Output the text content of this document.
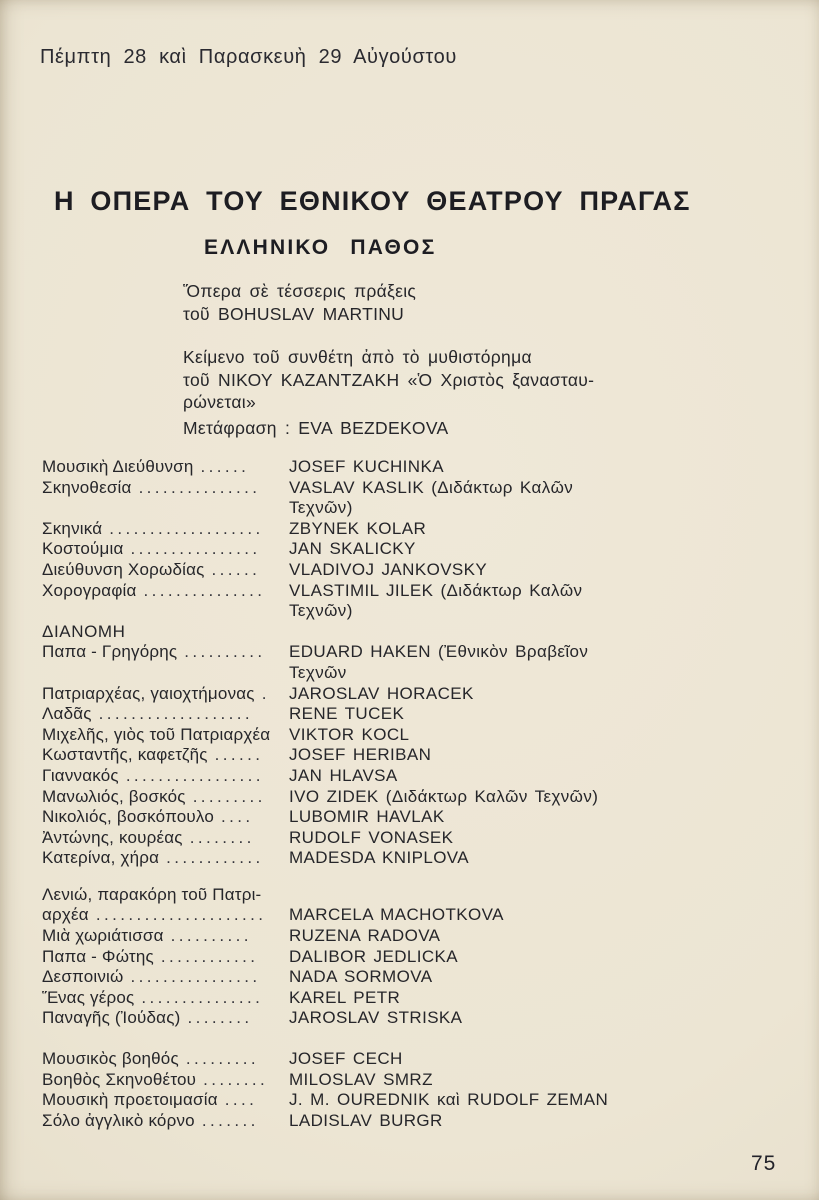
Πέμπτη 28 καὶ Παρασκευὴ 29 Αὐγούστου
Η ΟΠΕΡΑ ΤΟΥ ΕΘΝΙΚΟΥ ΘΕΑΤΡΟΥ ΠΡΑΓΑΣ
ΕΛΛΗΝΙΚΟ ΠΑΘΟΣ
Ὅπερα σὲ τέσσερις πράξεις
τοῦ BOHUSLAV MARTINU
Κείμενο τοῦ συνθέτη ἀπὸ τὸ μυθιστόρημα
τοῦ ΝΙΚΟΥ ΚΑΖΑΝΤΖΑΚΗ «Ὁ Χριστὸς ξανασταυ-
ρώνεται»
Μετάφραση : EVA BEZDEKOVA
Μουσικὴ Διεύθυνση ......	JOSEF KUCHINKA
Σκηνοθεσία ...............	VASLAV KASLIK (Διδάκτωρ Καλῶν
Τεχνῶν)
Σκηνικά ...................	ZBYNEK KOLAR
Κοστούμια ................	JAN SKALICKY
Διεύθυνση Χορωδίας ......	VLADIVOJ JANKOVSKY
Χορογραφία ...............	VLASTIMIL JILEK (Διδάκτωρ Καλῶν
Τεχνῶν)
ΔΙΑΝΟΜΗ
Παπα - Γρηγόρης ..........	EDUARD HAKEN (Ἐθνικὸν Βραβεῖον
Τεχνῶν
Πατριαρχέας, γαιοχτήμονας .	JAROSLAV HORACEK
Λαδᾶς ...................	RENE TUCEK
Μιχελῆς, γιὸς τοῦ Πατριαρχέα	VIKTOR KOCL
Κωσταντῆς, καφετζῆς ......	JOSEF HERIBAN
Γιαννακός .................	JAN HLAVSA
Μανωλιός, βοσκός .........	IVO ZIDEK (Διδάκτωρ Καλῶν Τεχνῶν)
Νικολιός, βοσκόπουλο ....	LUBOMIR HAVLAK
Ἀντώνης, κουρέας ........	RUDOLF VONASEK
Κατερίνα, χήρα ............	MADESDA KNIPLOVA
Λενιώ, παρακόρη τοῦ Πατρι-
αρχέα .....................	MARCELA MACHOTKOVA
Μιὰ χωριάτισσα ..........	RUZENA RADOVA
Παπα - Φώτης ............	DALIBOR JEDLICKA
Δεσποινιώ ................	NADA SORMOVA
Ἕνας γέρος ...............	KAREL PETR
Παναγῆς (Ἰούδας) ........	JAROSLAV STRISKA
Μουσικὸς βοηθός .........	JOSEF CECH
Βοηθὸς Σκηνοθέτου ........	MILOSLAV SMRZ
Μουσικὴ προετοιμασία ....	J. M. OUREDNIK καὶ RUDOLF ZEMAN
Σόλο ἀγγλικὸ κόρνο .......	LADISLAV BURGR
75
